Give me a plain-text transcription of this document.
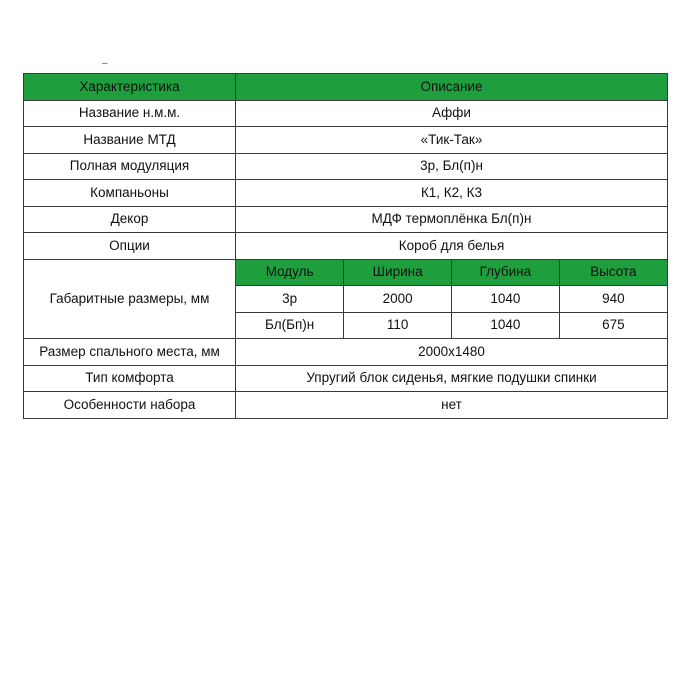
–
Характеристика	Описание
Название н.м.м.	Аффи
Название МТД	«Тик-Так»
Полная модуляция	3р, Бл(п)н
Компаньоны	К1, К2, К3
Декор	МДФ термоплёнка Бл(п)н
Опции	Короб для белья
Габаритные размеры, мм	
Модуль	Ширина	Глубина	Высота
3р	2000	1040	940
Бл(Бп)н	110	1040	675

Размер спального места, мм	2000х1480
Тип комфорта	Упругий блок сиденья, мягкие подушки спинки
Особенности набора	нет
